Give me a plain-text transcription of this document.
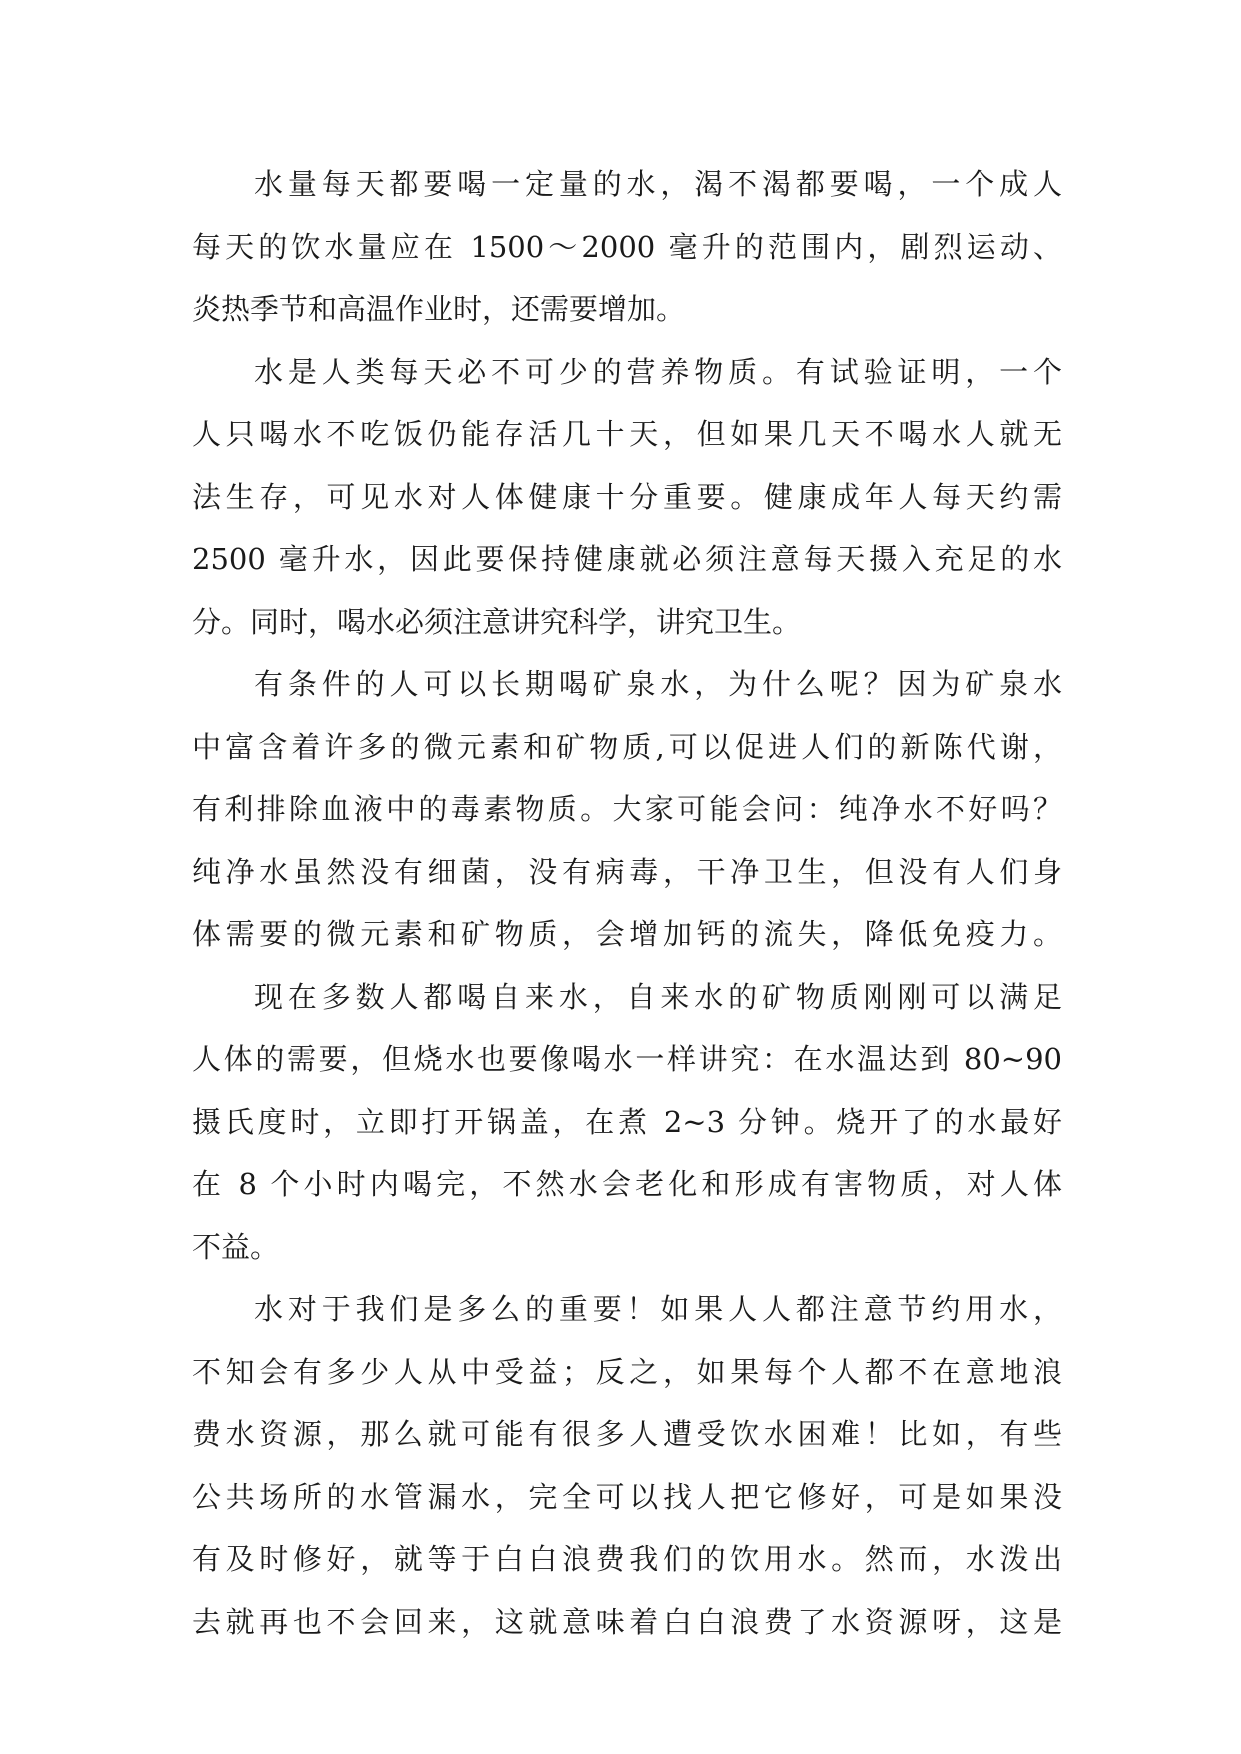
水量每天都要喝一定量的水，渴不渴都要喝，一个成人
每天的饮水量应在 1500～2000 毫升的范围内，剧烈运动、
炎热季节和高温作业时，还需要增加。
水是人类每天必不可少的营养物质。有试验证明，一个
人只喝水不吃饭仍能存活几十天，但如果几天不喝水人就无
法生存，可见水对人体健康十分重要。健康成年人每天约需
2500 毫升水，因此要保持健康就必须注意每天摄入充足的水
分。同时，喝水必须注意讲究科学，讲究卫生。
有条件的人可以长期喝矿泉水，为什么呢？因为矿泉水
中富含着许多的微元素和矿物质,可以促进人们的新陈代谢，
有利排除血液中的毒素物质。大家可能会问：纯净水不好吗？
纯净水虽然没有细菌，没有病毒，干净卫生，但没有人们身
体需要的微元素和矿物质，会增加钙的流失，降低免疫力。
现在多数人都喝自来水，自来水的矿物质刚刚可以满足
人体的需要，但烧水也要像喝水一样讲究：在水温达到 80~90
摄氏度时，立即打开锅盖，在煮 2~3 分钟。烧开了的水最好
在 8 个小时内喝完，不然水会老化和形成有害物质，对人体
不益。
水对于我们是多么的重要！如果人人都注意节约用水，
不知会有多少人从中受益；反之，如果每个人都不在意地浪
费水资源，那么就可能有很多人遭受饮水困难！比如，有些
公共场所的水管漏水，完全可以找人把它修好，可是如果没
有及时修好，就等于白白浪费我们的饮用水。然而，水泼出
去就再也不会回来，这就意味着白白浪费了水资源呀，这是
